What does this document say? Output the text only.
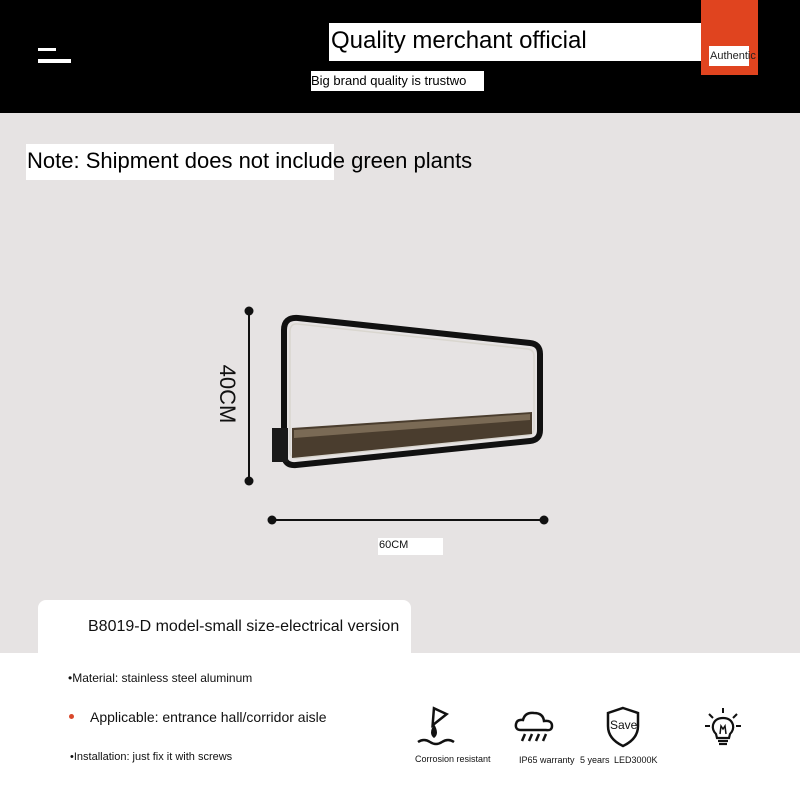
Quality merchant official
Authentic
Big brand quality is trustwo
Note: Shipment does not include green plants
40CM
60CM
B8019-D model-small size-electrical version
•Material: stainless steel aluminum
Applicable: entrance hall/corridor aisle
•Installation: just fix it with screws	Corrosion resistant	IP65 warranty
Save
5 years LED3000K
